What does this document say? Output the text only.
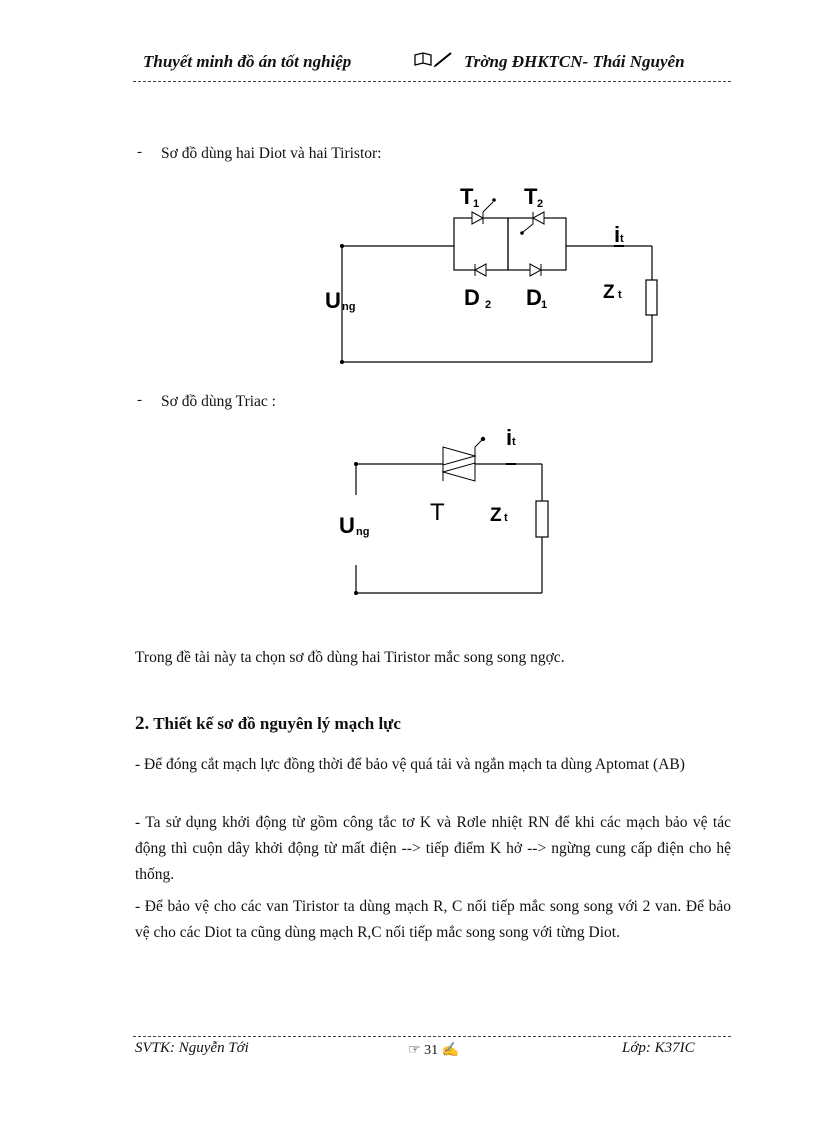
Thuyết minh đồ án tốt nghiệp	Trờng ĐHKTCN- Thái Nguyên
- Sơ đồ dùng hai Diot và hai Tiristor:
T 1 T 2
i t
U ng	D 2 D 1
Z t
- Sơ đồ dùng Triac :
i t
U ng
T Z t
Trong đề tài này ta chọn sơ đồ dùng hai Tiristor mắc song song ngợc.
2. Thiết kế sơ đồ nguyên lý mạch lực
- Để đóng cắt mạch lực đồng thời để bảo vệ quá tải và ngắn mạch ta dùng Aptomat (AB)
- Ta sử dụng khởi động từ gồm công tắc tơ K và Rơle nhiệt RN để khi các mạch bảo vệ tác động thì cuộn dây khởi động từ mất điện --> tiếp điểm K hở --> ngừng cung cấp điện cho hệ thống.
- Để bảo vệ cho các van Tiristor ta dùng mạch R, C nối tiếp mắc song song với 2 van. Để bảo vệ cho các Diot ta cũng dùng mạch R,C nối tiếp mắc song song với từng Diot.
SVTK: Nguyễn Tới	☞ 31 ✍	Lớp: K37IC
